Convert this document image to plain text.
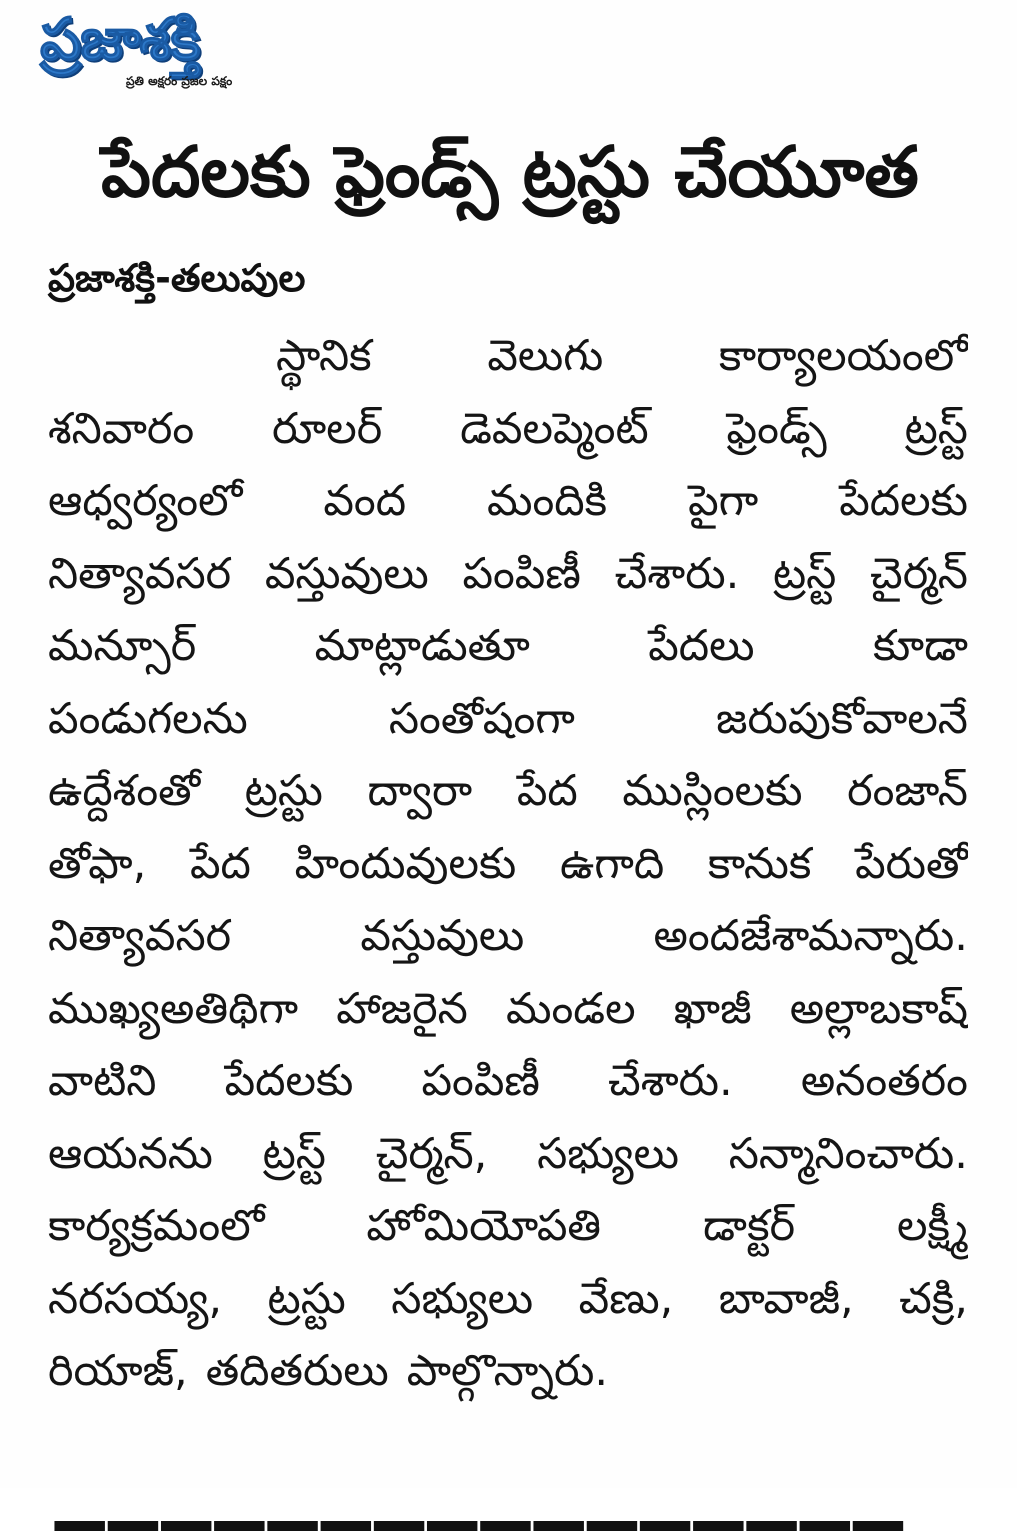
ప్రజాశక్తి
ప్రతి అక్షరం ప్రజల పక్షం
పేదలకు ఫ్రెండ్స్ ట్రస్టు చేయూత
ప్రజాశక్తి-తలుపుల
స్థానిక	వెలుగు	కార్యాలయంలో
శనివారం రూలర్ డెవలప్మెంట్ ఫ్రెండ్స్ ట్రస్ట్
ఆధ్వర్యంలో వంద మందికి పైగా పేదలకు
నిత్యావసర వస్తువులు పంపిణీ చేశారు. ట్రస్ట్ చైర్మన్
మన్సూర్	మాట్లాడుతూ	పేదలు	కూడా
పండుగలను	సంతోషంగా	జరుపుకోవాలనే
ఉద్దేశంతో ట్రస్టు ద్వారా పేద ముస్లింలకు రంజాన్
తోఫా, పేద హిందువులకు ఉగాది కానుక పేరుతో
నిత్యావసర	వస్తువులు	అందజేశామన్నారు.
ముఖ్యఅతిథిగా హాజరైన మండల ఖాజీ అల్లాబకాష్
వాటిని పేదలకు పంపిణీ చేశారు. అనంతరం
ఆయనను ట్రస్ట్ చైర్మన్, సభ్యులు సన్మానించారు.
కార్యక్రమంలో హోమియోపతి డాక్టర్ లక్ష్మీ
నరసయ్య, ట్రస్టు సభ్యులు వేణు, బావాజీ, చక్రి,
రియాజ్, తదితరులు పాల్గొన్నారు.
▁▁▁▁▁▁▁▁▁▁▁▁▁▁▁▁
